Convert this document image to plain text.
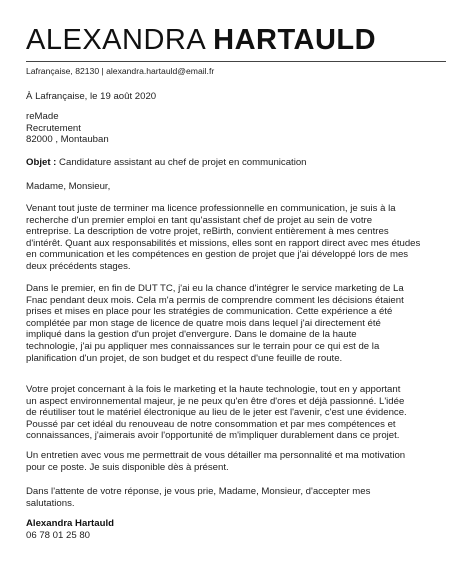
ALEXANDRA HARTAULD
Lafrançaise, 82130 | alexandra.hartauld@email.fr
À Lafrançaise, le 19 août 2020
reMade
Recrutement
82000 , Montauban
Objet : Candidature assistant au chef de projet en communication
Madame, Monsieur,
Venant tout juste de terminer ma licence professionnelle en communication, je suis à la
recherche d'un premier emploi en tant qu'assistant chef de projet au sein de votre
entreprise. La description de votre projet, reBirth, convient entièrement à mes centres
d'intérêt. Quant aux responsabilités et missions, elles sont en rapport direct avec mes études
en communication et les compétences en gestion de projet que j'ai développé lors de mes
deux précédents stages.
Dans le premier, en fin de DUT TC, j'ai eu la chance d'intégrer le service marketing de La
Fnac pendant deux mois. Cela m'a permis de comprendre comment les décisions étaient
prises et mises en place pour les stratégies de communication. Cette expérience a été
complétée par mon stage de licence de quatre mois dans lequel j'ai directement été
impliqué dans la gestion d'un projet d'envergure. Dans le domaine de la haute
technologie, j'ai pu appliquer mes connaissances sur le terrain pour ce qui est de la
planification d'un projet, de son budget et du respect d'une feuille de route.
Votre projet concernant à la fois le marketing et la haute technologie, tout en y apportant
un aspect environnemental majeur, je ne peux qu'en être d'ores et déjà passionné. L'idée
de réutiliser tout le matériel électronique au lieu de le jeter est l'avenir, c'est une évidence.
Poussé par cet idéal du renouveau de notre consommation et par mes compétences et
connaissances, j'aimerais avoir l'opportunité de m'impliquer durablement dans ce projet.
Un entretien avec vous me permettrait de vous détailler ma personnalité et ma motivation
pour ce poste. Je suis disponible dès à présent.
Dans l'attente de votre réponse, je vous prie, Madame, Monsieur, d'accepter mes
salutations.
Alexandra Hartauld
06 78 01 25 80
